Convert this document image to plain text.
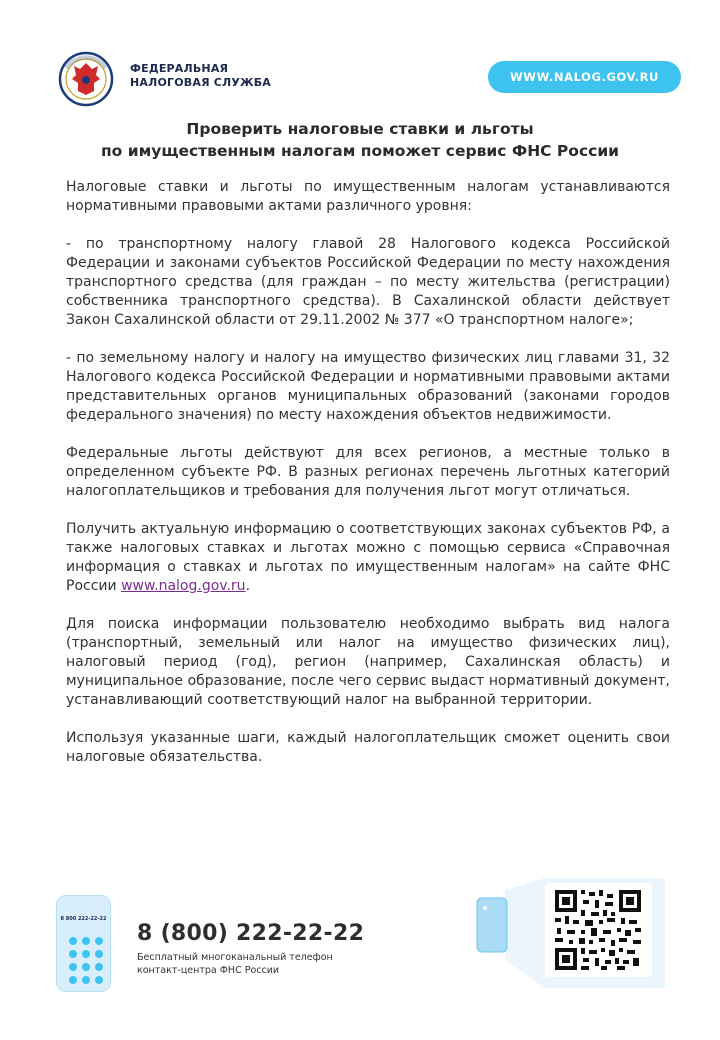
ФЕДЕРАЛЬНАЯ
НАЛОГОВАЯ СЛУЖБА	WWW.NALOG.GOV.RU
Проверить налоговые ставки и льготы
по имущественным налогам поможет сервис ФНС России

Налоговые ставки и льготы по имущественным налогам устанавливаются нормативными правовыми актами различного уровня:

- по транспортному налогу главой 28 Налогового кодекса Российской Федерации и законами субъектов Российской Федерации по месту нахождения транспортного средства (для граждан – по месту жительства (регистрации) собственника транспортного средства). В Сахалинской области действует Закон Сахалинской области от 29.11.2002 № 377 «О транспортном налоге»;

- по земельному налогу и налогу на имущество физических лиц главами 31, 32 Налогового кодекса Российской Федерации и нормативными правовыми актами представительных органов муниципальных образований (законами городов федерального значения) по месту нахождения объектов недвижимости.

Федеральные льготы действуют для всех регионов, а местные только в определенном субъекте РФ. В разных регионах перечень льготных категорий налогоплательщиков и требования для получения льгот могут отличаться.

Получить актуальную информацию о соответствующих законах субъектов РФ, а также налоговых ставках и льготах можно с помощью сервиса «Справочная информация о ставках и льготах по имущественным налогам» на сайте ФНС России www.nalog.gov.ru.

Для поиска информации пользователю необходимо выбрать вид налога (транспортный, земельный или налог на имущество физических лиц), налоговый период (год), регион (например, Сахалинская область) и муниципальное образование, после чего сервис выдаст нормативный документ, устанавливающий соответствующий налог на выбранной территории.

Используя указанные шаги, каждый налогоплательщик сможет оценить свои налоговые обязательства.

8 800 222-22-22
8 (800) 222-22-22
Бесплатный многоканальный телефон
контакт-центра ФНС России
